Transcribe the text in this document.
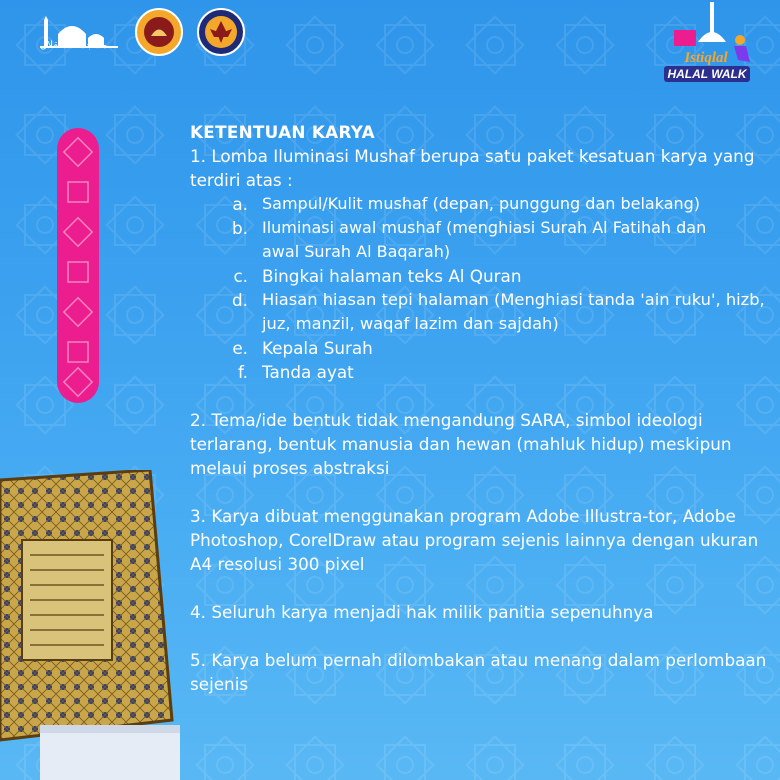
مسجد الاستقلال
Istiqlal
HALAL WALK

KETENTUAN KARYA

1. Lomba Iluminasi Mushaf berupa satu paket kesatuan karya yang terdiri atas :

a. Sampul/Kulit mushaf (depan, punggung dan belakang)
b. Iluminasi awal mushaf (menghiasi Surah Al Fatihah dan awal Surah Al Baqarah)
c. Bingkai halaman teks Al Quran
d. Hiasan hiasan tepi halaman (Menghiasi tanda 'ain ruku', hizb, juz, manzil, waqaf lazim dan sajdah)
e. Kepala Surah
f. Tanda ayat

2. Tema/ide bentuk tidak mengandung SARA, simbol ideologi terlarang, bentuk manusia dan hewan (mahluk hidup) meskipun melaui proses abstraksi

3. Karya dibuat menggunakan program Adobe Illustra-tor, Adobe Photoshop, CorelDraw atau program sejenis lainnya dengan ukuran A4 resolusi 300 pixel

4. Seluruh karya menjadi hak milik panitia sepenuhnya

5. Karya belum pernah dilombakan atau menang dalam perlombaan sejenis
